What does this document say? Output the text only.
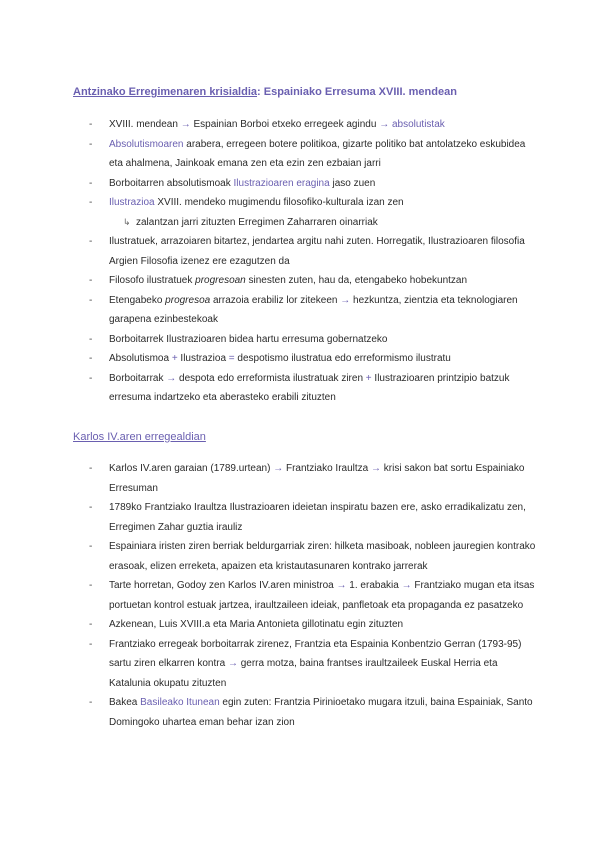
Antzinako Erregimenaren krisialdia: Espainiako Erresuma XVIII. mendean
- XVIII. mendean → Espainian Borboi etxeko erregeek agindu → absolutistak
- Absolutismoaren arabera, erregeen botere politikoa, gizarte politiko bat antolatzeko eskubidea eta ahalmena, Jainkoak emana zen eta ezin zen ezbaian jarri
- Borboitarren absolutismoak Ilustrazioaren eragina jaso zuen
- Ilustrazioa XVIII. mendeko mugimendu filosofiko-kulturala izan zen
↳ zalantzan jarri zituzten Erregimen Zaharraren oinarriak
- Ilustratuek, arrazoiaren bitartez, jendartea argitu nahi zuten. Horregatik, Ilustrazioaren filosofia Argien Filosofia izenez ere ezagutzen da
- Filosofo ilustratuek progresoan sinesten zuten, hau da, etengabeko hobekuntzan
- Etengabeko progresoa arrazoia erabiliz lor zitekeen → hezkuntza, zientzia eta teknologiaren garapena ezinbestekoak
- Borboitarrek Ilustrazioaren bidea hartu erresuma gobernatzeko
- Absolutismoa + Ilustrazioa = despotismo ilustratua edo erreformismo ilustratu
- Borboitarrak → despota edo erreformista ilustratuak ziren + Ilustrazioaren printzipio batzuk erresuma indartzeko eta aberasteko erabili zituzten
Karlos IV.aren erregealdian
- Karlos IV.aren garaian (1789.urtean) → Frantziako Iraultza → krisi sakon bat sortu Espainiako Erresuman
- 1789ko Frantziako Iraultza Ilustrazioaren ideietan inspiratu bazen ere, asko erradikalizatu zen, Erregimen Zahar guztia irauliz
- Espainiara iristen ziren berriak beldurgarriak ziren: hilketa masiboak, nobleen jauregien kontrako erasoak, elizen erreketa, apaizen eta kristautasunaren kontrako jarrerak
- Tarte horretan, Godoy zen Karlos IV.aren ministroa → 1. erabakia → Frantziako mugan eta itsas portuetan kontrol estuak jartzea, iraultzaileen ideiak, panfletoak eta propaganda ez pasatzeko
- Azkenean, Luis XVIII.a eta Maria Antonieta gillotinatu egin zituzten
- Frantziako erregeak borboitarrak zirenez, Frantzia eta Espainia Konbentzio Gerran (1793-95) sartu ziren elkarren kontra → gerra motza, baina frantses iraultzaileek Euskal Herria eta Katalunia okupatu zituzten
- Bakea Basileako Itunean egin zuten: Frantzia Pirinioetako mugara itzuli, baina Espainiak, Santo Domingoko uhartea eman behar izan zion
